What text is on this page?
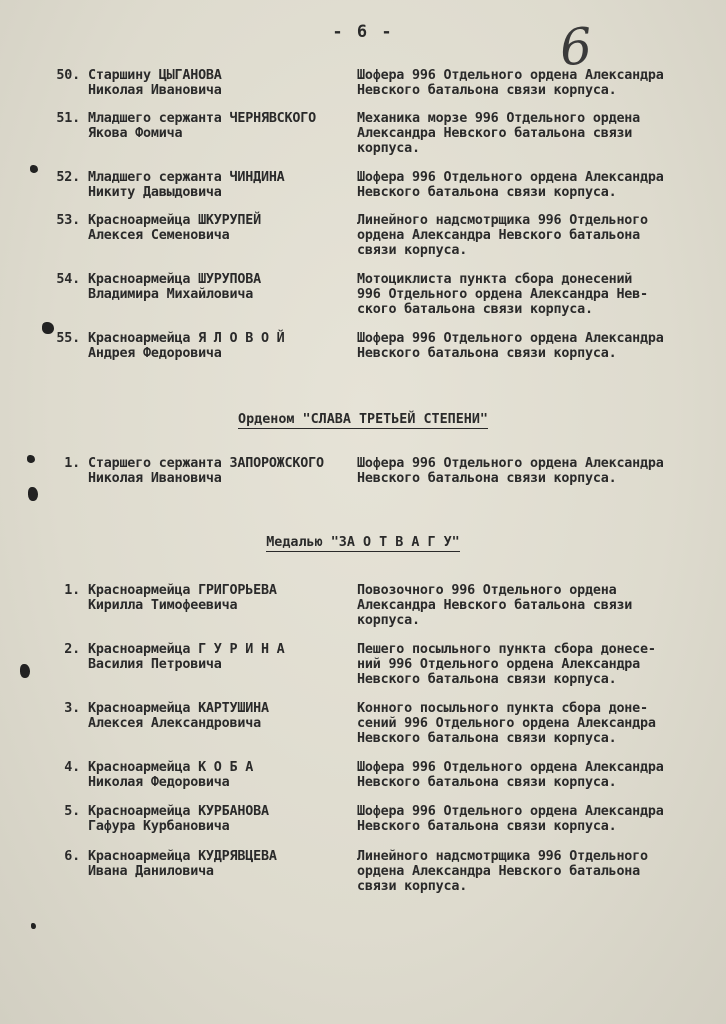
- 6 -	6
50. Старшину ЦЫГАНОВА
Николая Ивановича
Шофера 996 Отдельного ордена Александра
Невского батальона связи корпуса.
51. Младшего сержанта ЧЕРНЯВСКОГО
Якова Фомича
Механика морзе 996 Отдельного ордена
Александра Невского батальона связи
корпуса.
52. Младшего сержанта ЧИНДИНА
Никиту Давыдовича
Шофера 996 Отдельного ордена Александра
Невского батальона связи корпуса.
53. Красноармейца ШКУРУПЕЙ
Алексея Семеновича
Линейного надсмотрщика 996 Отдельного
ордена Александра Невского батальона
связи корпуса.
54. Красноармейца ШУРУПОВА
Владимира Михайловича
Мотоциклиста пункта сбора донесений
996 Отдельного ордена Александра Нев-
ского батальона связи корпуса.
55. Красноармейца Я Л О В О Й
Андрея Федоровича
Шофера 996 Отдельного ордена Александра
Невского батальона связи корпуса.
Орденом "СЛАВА ТРЕТЬЕЙ СТЕПЕНИ"
1. Старшего сержанта ЗАПОРОЖСКОГО
Николая Ивановича
Шофера 996 Отдельного ордена Александра
Невского батальона связи корпуса.
Медалью "ЗА О Т В А Г У"
1. Красноармейца ГРИГОРЬЕВА
Кирилла Тимофеевича
Повозочного 996 Отдельного ордена
Александра Невского батальона связи
корпуса.
2. Красноармейца Г У Р И Н А
Василия Петровича
Пешего посыльного пункта сбора донесе-
ний 996 Отдельного ордена Александра
Невского батальона связи корпуса.
3. Красноармейца КАРТУШИНА
Алексея Александровича
Конного посыльного пункта сбора доне-
сений 996 Отдельного ордена Александра
Невского батальона связи корпуса.
4. Красноармейца К О Б А
Николая Федоровича
Шофера 996 Отдельного ордена Александра
Невского батальона связи корпуса.
5. Красноармейца КУРБАНОВА
Гафура Курбановича
Шофера 996 Отдельного ордена Александра
Невского батальона связи корпуса.
6. Красноармейца КУДРЯВЦЕВА
Ивана Даниловича
Линейного надсмотрщика 996 Отдельного
ордена Александра Невского батальона
связи корпуса.
